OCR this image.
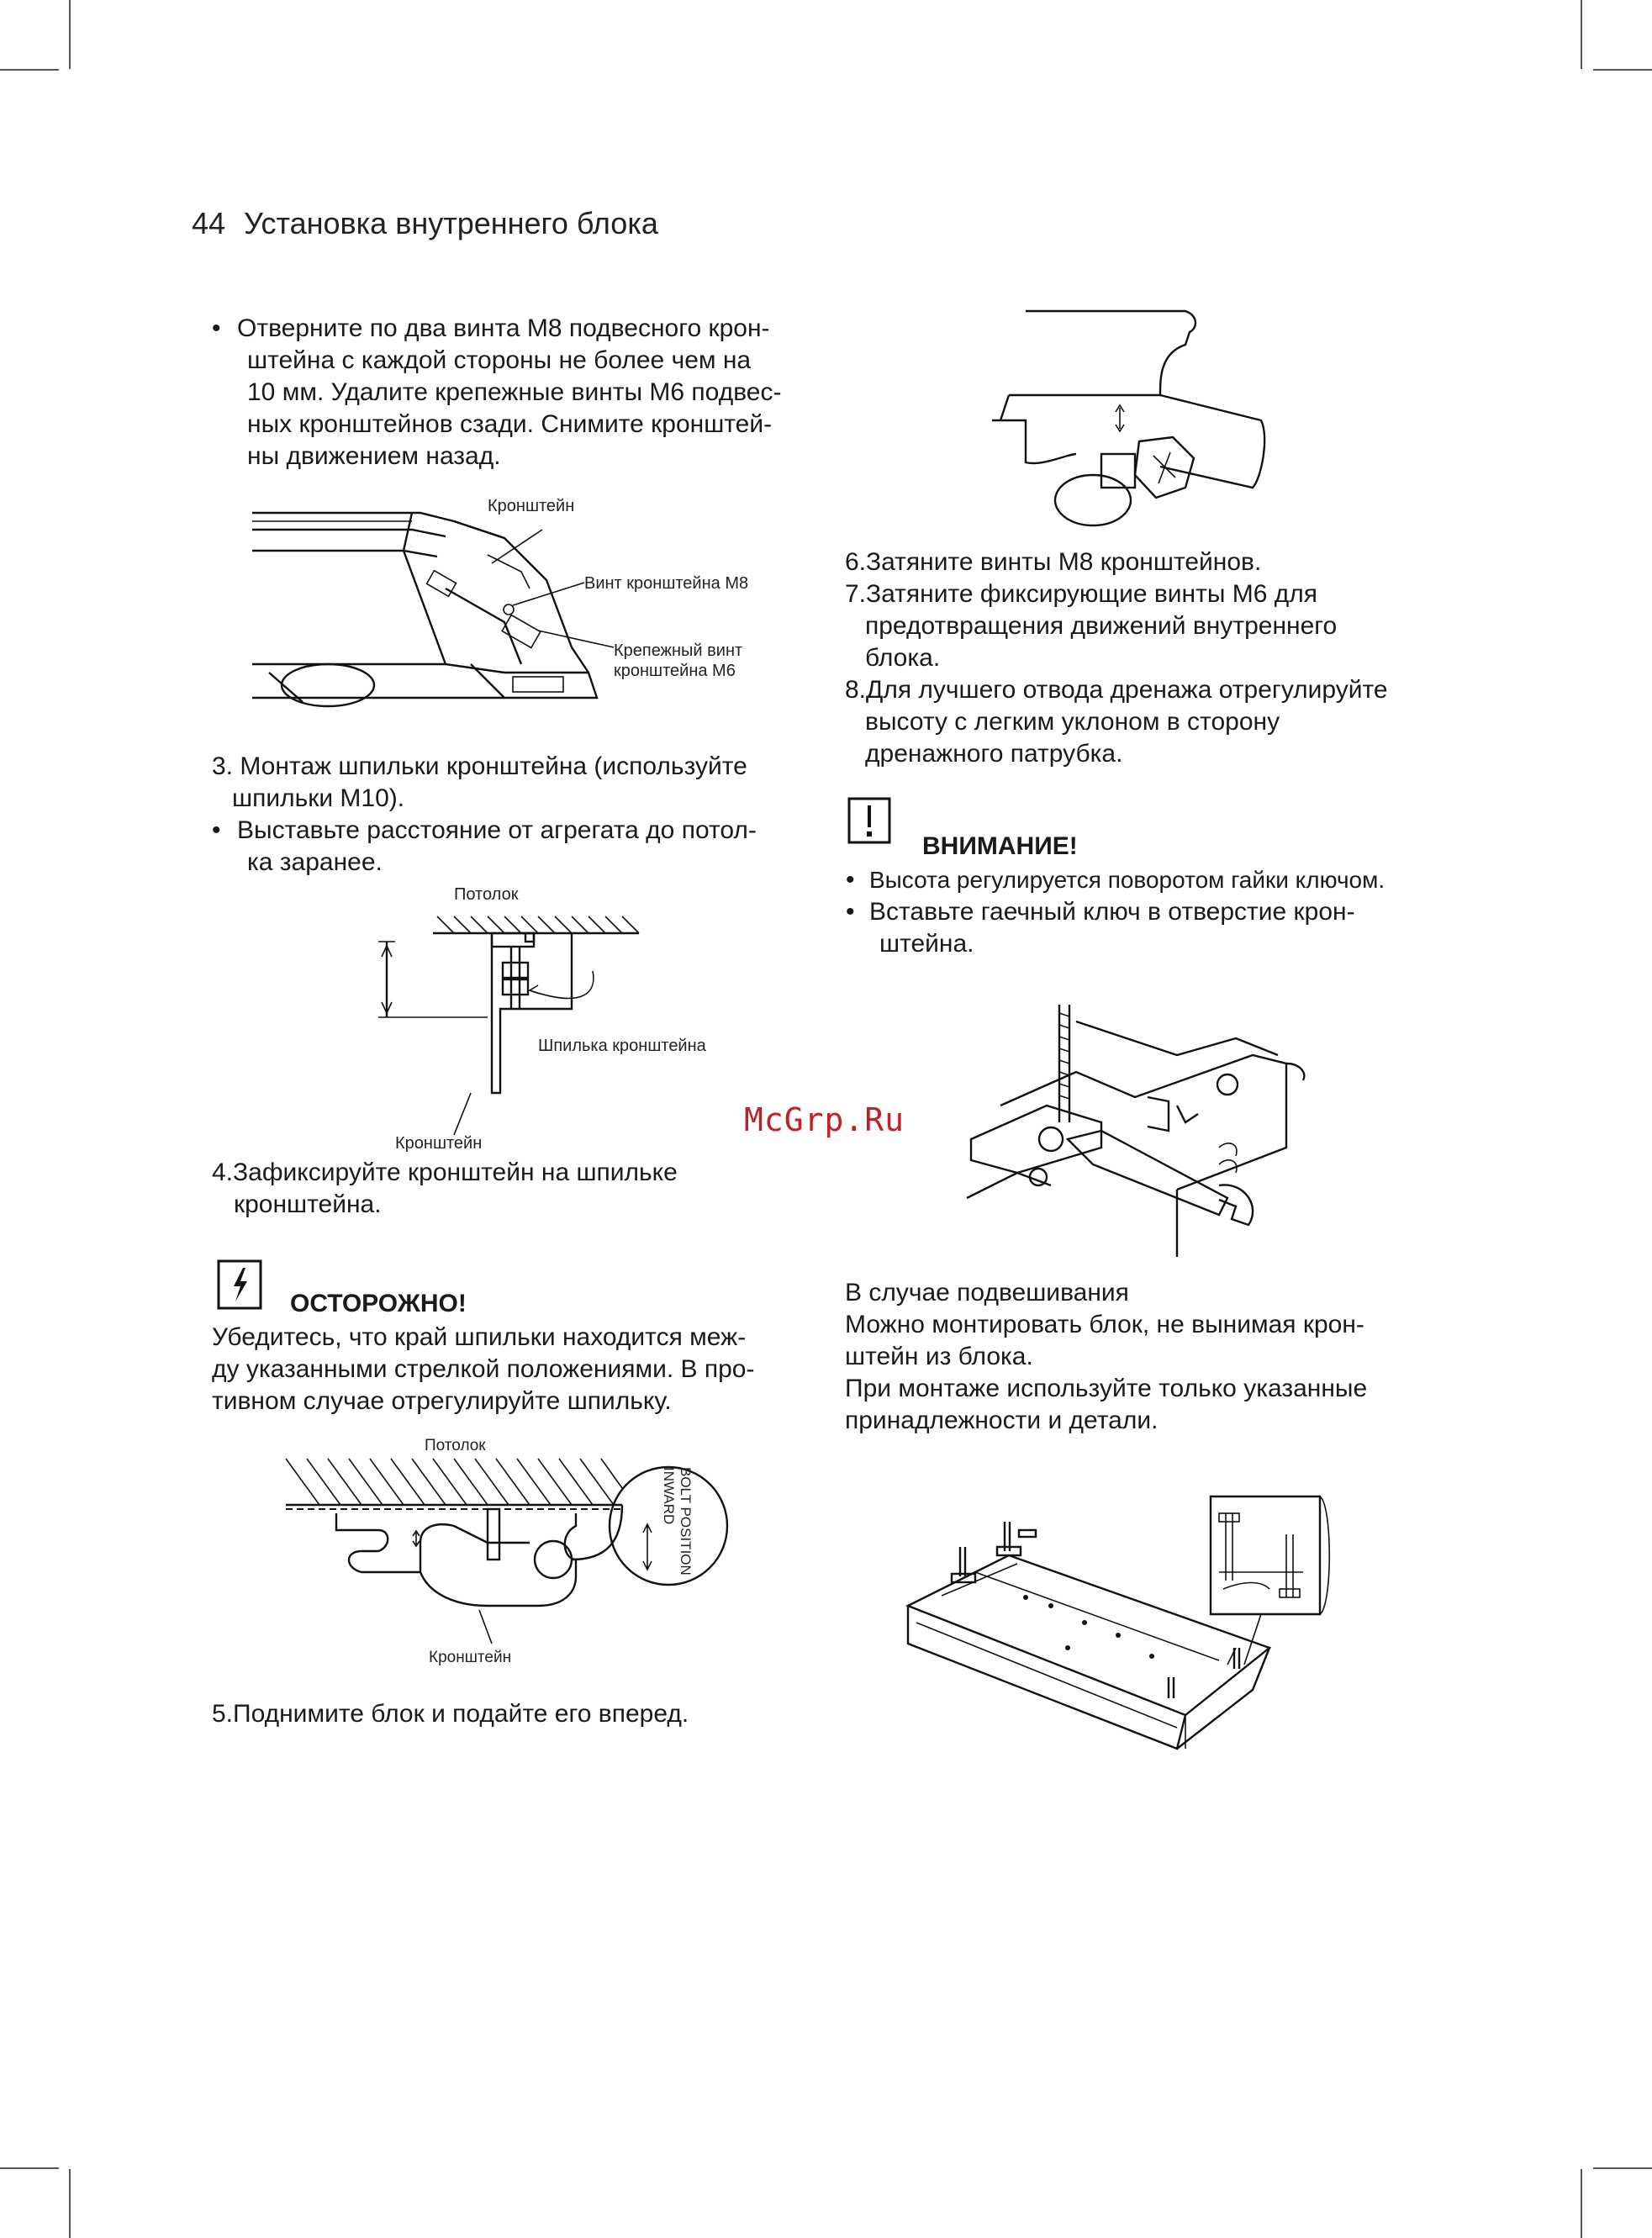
44 Установка внутреннего блока
• Отверните по два винта М8 подвесного крон-
штейна с каждой стороны не более чем на
10 мм. Удалите крепежные винты М6 подвес-
ных кронштейнов сзади. Снимите кронштей-
ны движением назад.
Кронштейн
Винт кронштейна М8
Крепежный винт
кронштейна М6
3. Монтаж шпильки кронштейна (используйте
шпильки М10).
• Выставьте расстояние от агрегата до потол-
ка заранее.
Потолок
Шпилька кронштейна
Кронштейн
4.Зафиксируйте кронштейн на шпильке
кронштейна.
ОСТОРОЖНО!
Убедитесь, что край шпильки находится меж-
ду указанными стрелкой положениями. В про-
тивном случае отрегулируйте шпильку.
Потолок
BOLT POSITION
INWARD
Кронштейн
5.Поднимите блок и подайте его вперед.
6.Затяните винты М8 кронштейнов.
7.Затяните фиксирующие винты М6 для
предотвращения движений внутреннего
блока.
8.Для лучшего отвода дренажа отрегулируйте
высоту с легким уклоном в сторону
дренажного патрубка.
ВНИМАНИЕ!
• Высота регулируется поворотом гайки ключом.
• Вставьте гаечный ключ в отверстие крон-
штейна.
В случае подвешивания
Можно монтировать блок, не вынимая крон-
штейн из блока.
При монтаже используйте только указанные
принадлежности и детали.
McGrp.Ru
